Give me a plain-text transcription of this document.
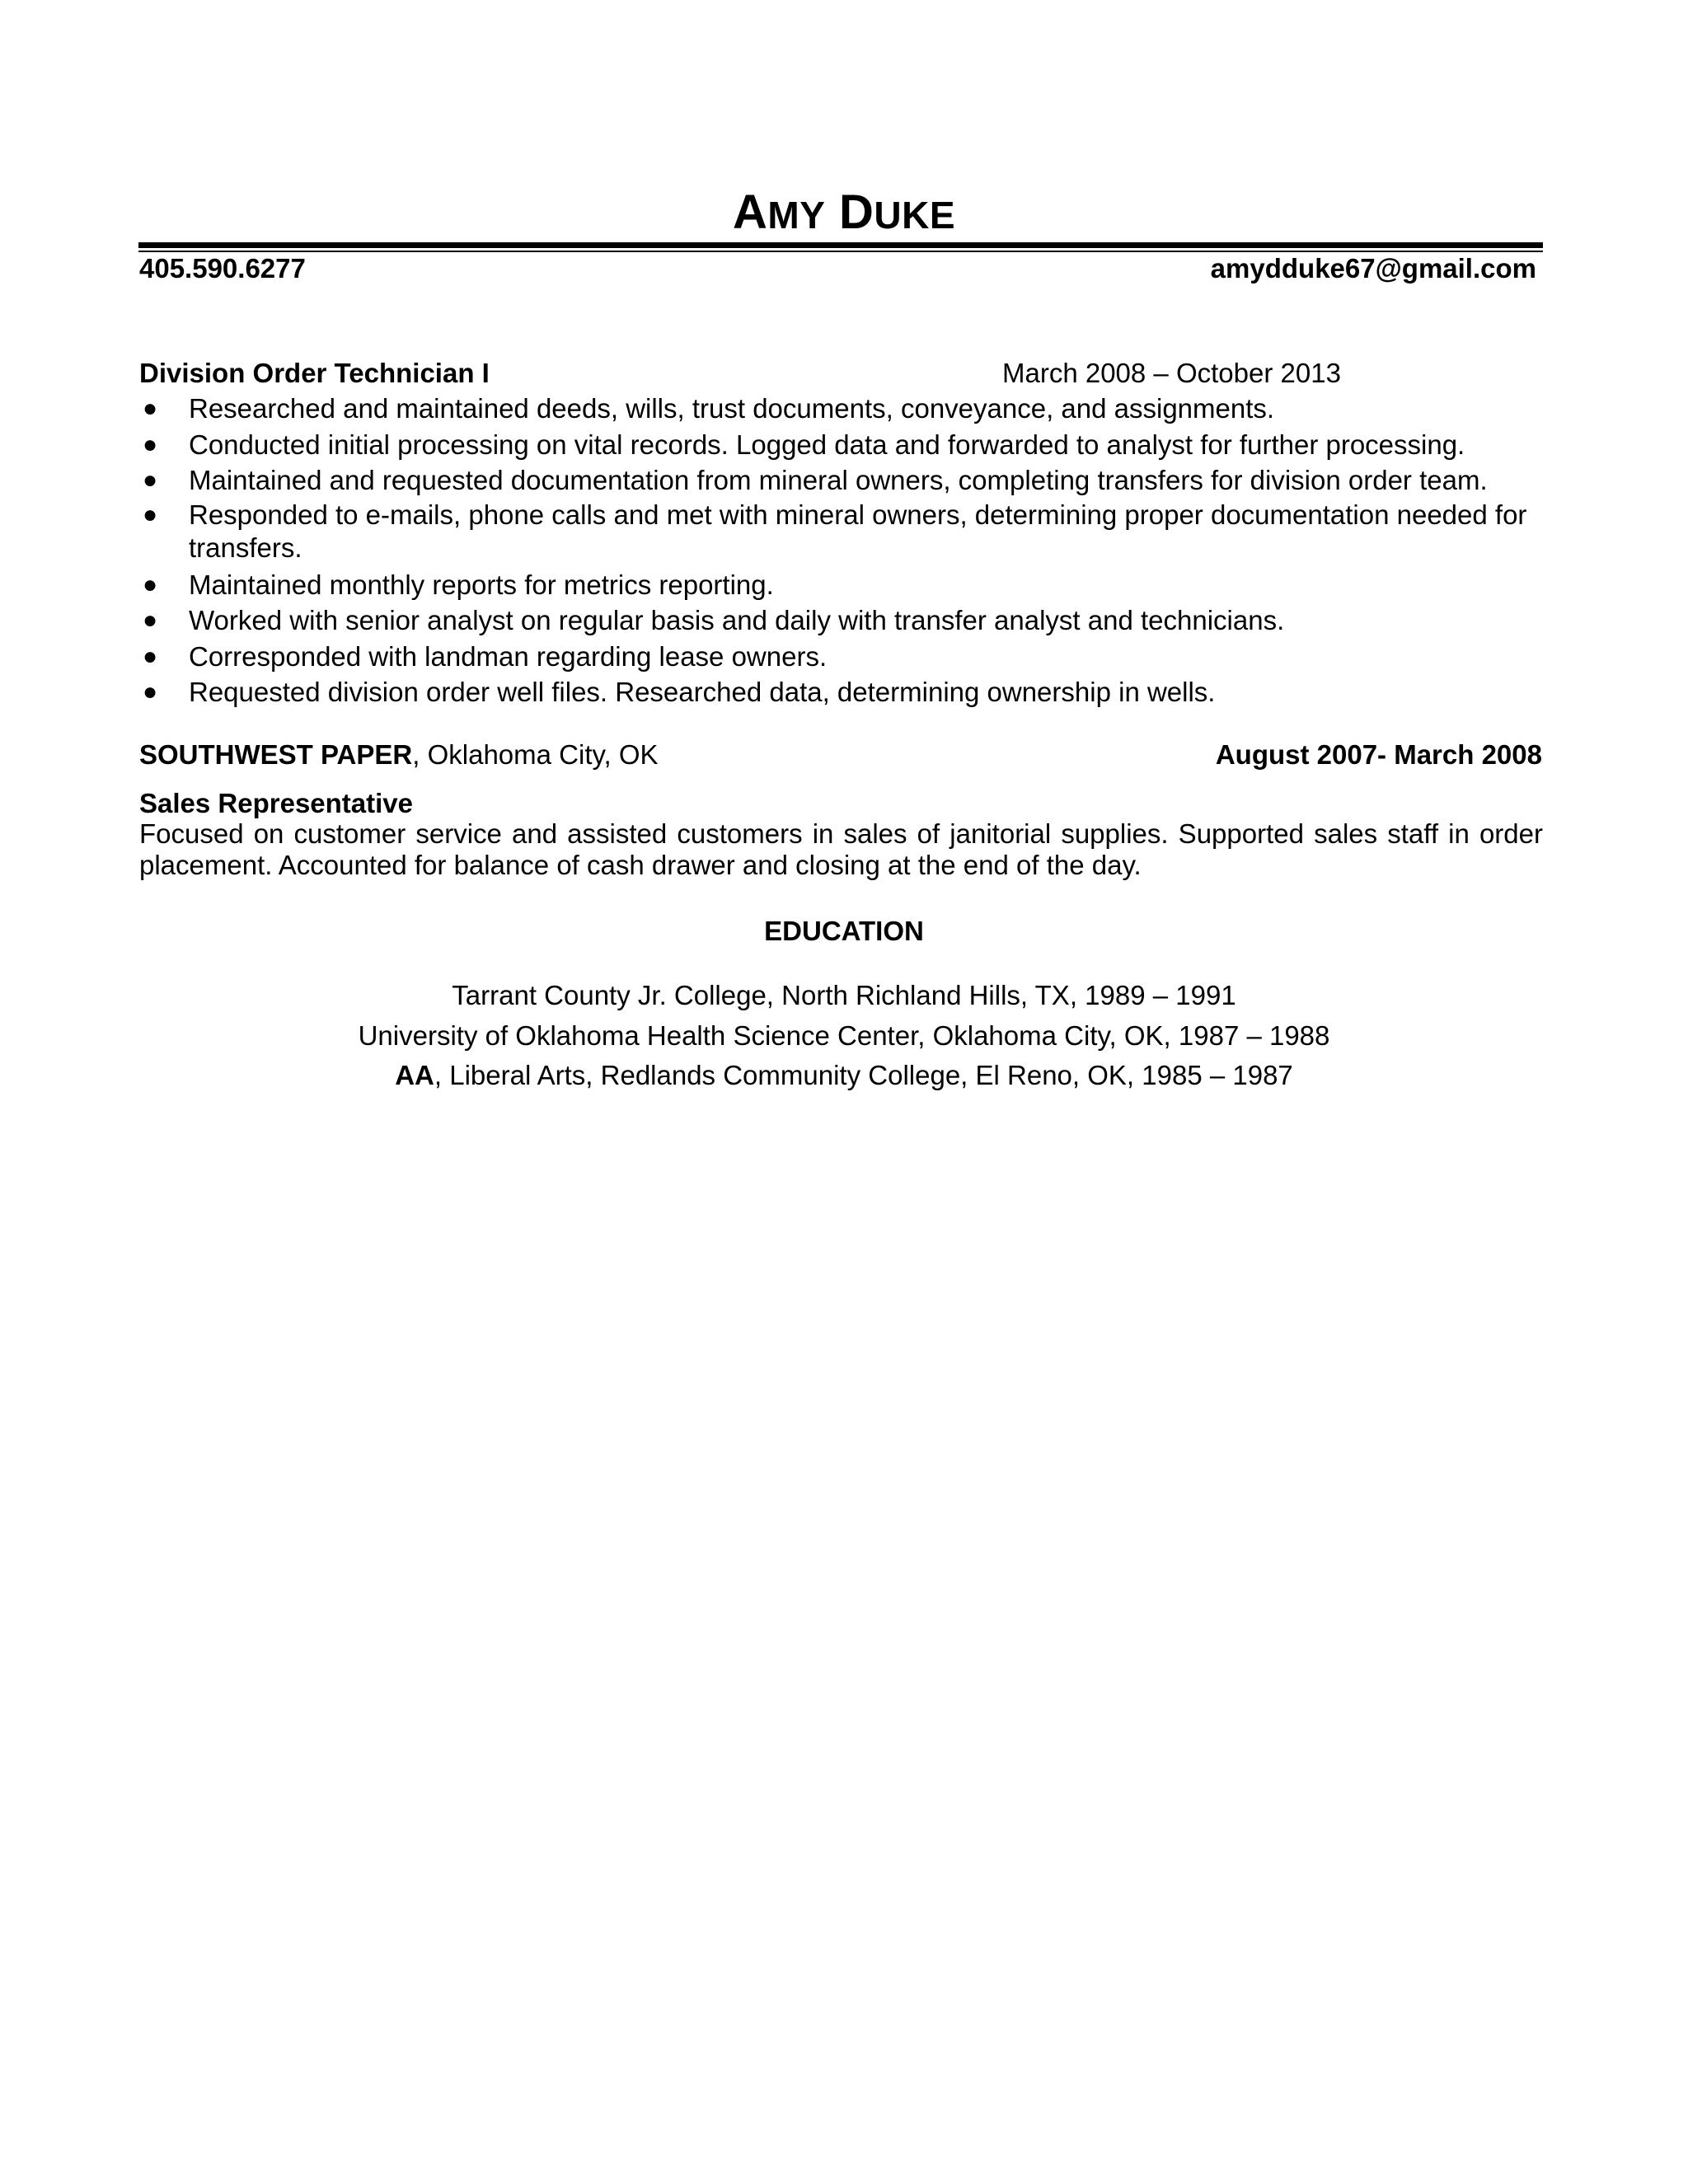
AMY DUKE
405.590.6277	amydduke67@gmail.com
Division Order Technician I	March 2008 – October 2013
● Researched and maintained deeds, wills, trust documents, conveyance, and assignments.
● Conducted initial processing on vital records. Logged data and forwarded to analyst for further processing.
● Maintained and requested documentation from mineral owners, completing transfers for division order team.
● Responded to e-mails, phone calls and met with mineral owners, determining proper documentation needed for transfers.
● Maintained monthly reports for metrics reporting.
● Worked with senior analyst on regular basis and daily with transfer analyst and technicians.
● Corresponded with landman regarding lease owners.
● Requested division order well files. Researched data, determining ownership in wells.
SOUTHWEST PAPER, Oklahoma City, OK	August 2007- March 2008
Sales Representative

Focused on customer service and assisted customers in sales of janitorial supplies. Supported sales staff in order placement. Accounted for balance of cash drawer and closing at the end of the day.

EDUCATION
Tarrant County Jr. College, North Richland Hills, TX, 1989 – 1991
University of Oklahoma Health Science Center, Oklahoma City, OK, 1987 – 1988
AA, Liberal Arts, Redlands Community College, El Reno, OK, 1985 – 1987
